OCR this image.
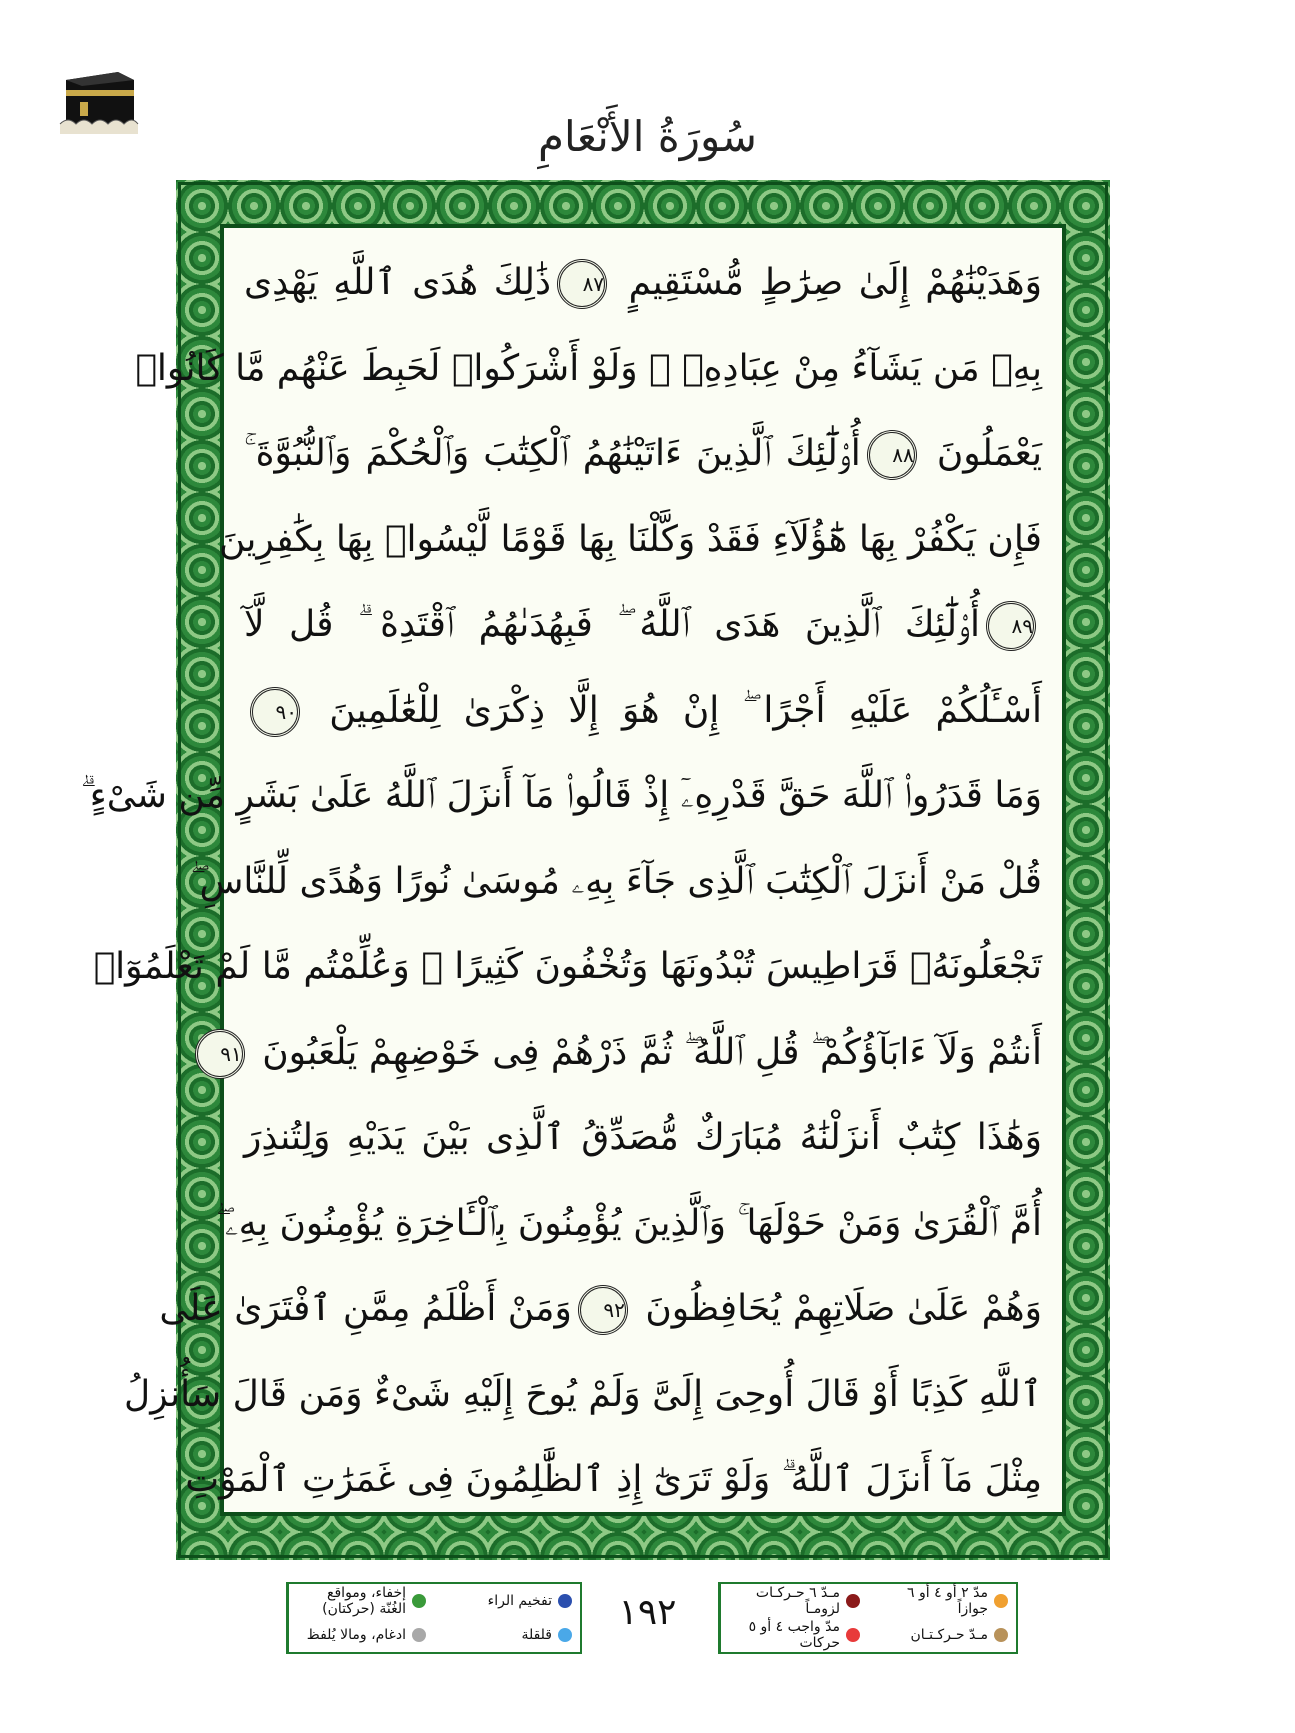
سُورَةُ الأَنْعَامِ
وَهَدَيْنَٰهُمْ إِلَىٰ صِرَٰطٍ مُّسْتَقِيمٍ ٨٧ذَٰلِكَ هُدَى ٱللَّهِ يَهْدِى
بِهِۦ مَن يَشَآءُ مِنْ عِبَادِهِۦ ۚ وَلَوْ أَشْرَكُوا۟ لَحَبِطَ عَنْهُم مَّا كَانُوا۟
يَعْمَلُونَ ٨٨أُو۟لَٰٓئِكَ ٱلَّذِينَ ءَاتَيْنَٰهُمُ ٱلْكِتَٰبَ وَٱلْحُكْمَ وَٱلنُّبُوَّةَ ۚ
فَإِن يَكْفُرْ بِهَا هَٰٓؤُلَآءِ فَقَدْ وَكَّلْنَا بِهَا قَوْمًا لَّيْسُوا۟ بِهَا بِكَٰفِرِينَ
٨٩أُو۟لَٰٓئِكَ ٱلَّذِينَ هَدَى ٱللَّهُ ۖ فَبِهُدَىٰهُمُ ٱقْتَدِهْ ۗ قُل لَّآ
أَسْـَٔلُكُمْ عَلَيْهِ أَجْرًا ۖ إِنْ هُوَ إِلَّا ذِكْرَىٰ لِلْعَٰلَمِينَ ٩٠
وَمَا قَدَرُوا۟ ٱللَّهَ حَقَّ قَدْرِهِۦٓ إِذْ قَالُوا۟ مَآ أَنزَلَ ٱللَّهُ عَلَىٰ بَشَرٍ مِّن شَىْءٍ ۗ
قُلْ مَنْ أَنزَلَ ٱلْكِتَٰبَ ٱلَّذِى جَآءَ بِهِۦ مُوسَىٰ نُورًا وَهُدًى لِّلنَّاسِ ۖ
تَجْعَلُونَهُۥ قَرَاطِيسَ تُبْدُونَهَا وَتُخْفُونَ كَثِيرًا ۖ وَعُلِّمْتُم مَّا لَمْ تَعْلَمُوٓا۟
أَنتُمْ وَلَآ ءَابَآؤُكُمْ ۖ قُلِ ٱللَّهُ ۖ ثُمَّ ذَرْهُمْ فِى خَوْضِهِمْ يَلْعَبُونَ ٩١
وَهَٰذَا كِتَٰبٌ أَنزَلْنَٰهُ مُبَارَكٌ مُّصَدِّقُ ٱلَّذِى بَيْنَ يَدَيْهِ وَلِتُنذِرَ
أُمَّ ٱلْقُرَىٰ وَمَنْ حَوْلَهَا ۚ وَٱلَّذِينَ يُؤْمِنُونَ بِٱلْـَٔاخِرَةِ يُؤْمِنُونَ بِهِۦ ۖ
وَهُمْ عَلَىٰ صَلَاتِهِمْ يُحَافِظُونَ ٩٢وَمَنْ أَظْلَمُ مِمَّنِ ٱفْتَرَىٰ عَلَى
ٱللَّهِ كَذِبًا أَوْ قَالَ أُوحِىَ إِلَىَّ وَلَمْ يُوحَ إِلَيْهِ شَىْءٌ وَمَن قَالَ سَأُنزِلُ
مِثْلَ مَآ أَنزَلَ ٱللَّهُ ۗ وَلَوْ تَرَىٰٓ إِذِ ٱلظَّٰلِمُونَ فِى غَمَرَٰتِ ٱلْمَوْتِ
١٩٢
تفخيم الراء
إخفاء، ومواقع الغُنّة (حركتان)
قلقلة
ادغام، ومالا يُلفظ
مدّ ٢ أو ٤ أو ٦ جوازاً
مـدّ ٦ حـركـات لزومـاً
مـدّ حـركـتـان
مدّ واجب ٤ أو ٥ حركات
